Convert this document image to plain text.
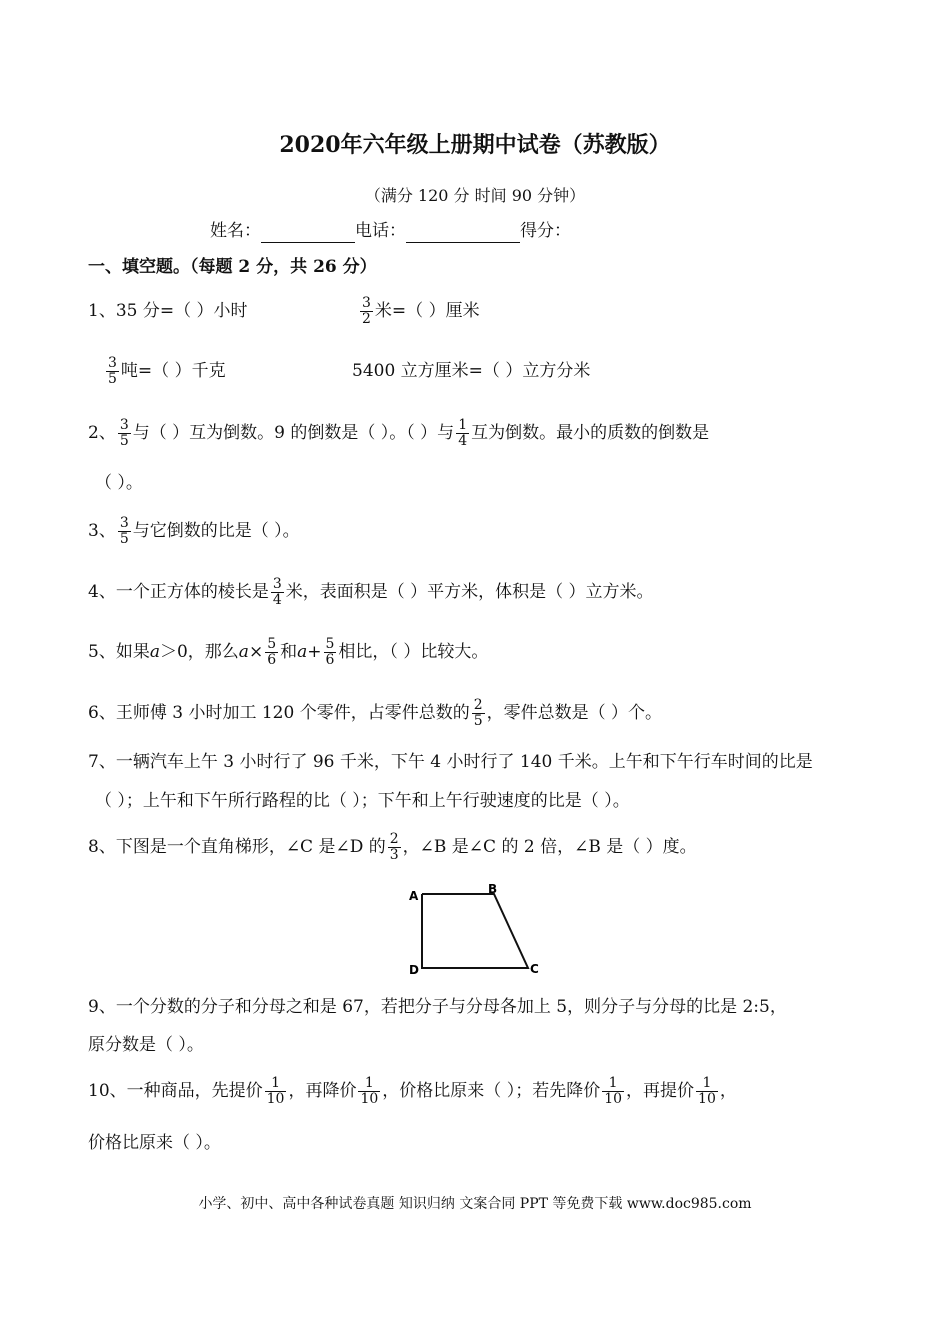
2020年六年级上册期中试卷（苏教版）
（满分 120 分 时间 90 分钟）
姓名：	电话：	得分：
一、填空题。（每题 2 分，共 26 分）
1、35 分=（ ）小时	$\frac{3}{2}$ 米=（ ）厘米
$\frac{3}{5}$ 吨=（ ）千克	5400 立方厘米=（ ）立方分米
2、 $\frac{3}{5}$ 与（ ）互为倒数。9 的倒数是（ ）。（ ）与 $\frac{1}{4}$ 互为倒数。最小的质数的倒数是
（ ）。
3、 $\frac{3}{5}$ 与它倒数的比是（ ）。
4、一个正方体的棱长是 $\frac{3}{4}$ 米，表面积是（ ）平方米，体积是（ ）立方米。
5、如果 a ＞0，那么 $a \times \frac{5}{6}$ 和 $a + \frac{5}{6}$ 相比，（ ）比较大。
6、王师傅 3 小时加工 120 个零件，占零件总数的 $\frac{2}{5}$ ，零件总数是（ ）个。
7、一辆汽车上午 3 小时行了 96 千米，下午 4 小时行了 140 千米。上午和下午行车时间的比是
（ ）；上午和下午所行路程的比（ ）；下午和上午行驶速度的比是（ ）。
8、下图是一个直角梯形，∠C 是∠D 的 $\frac{2}{3}$ ，∠B 是∠C 的 2 倍，∠B 是（ ）度。
A	B
C
D
9、一个分数的分子和分母之和是 67，若把分子与分母各加上 5，则分子与分母的比是 2:5，
原分数是（ ）。
10、一种商品，先提价 $\frac{1}{10}$ ，再降价 $\frac{1}{10}$ ，价格比原来（ ）；若先降价 $\frac{1}{10}$ ，再提价 $\frac{1}{10}$ ，
价格比原来（ ）。
小学、初中、高中各种试卷真题 知识归纳 文案合同 PPT 等免费下载 www.doc985.com
